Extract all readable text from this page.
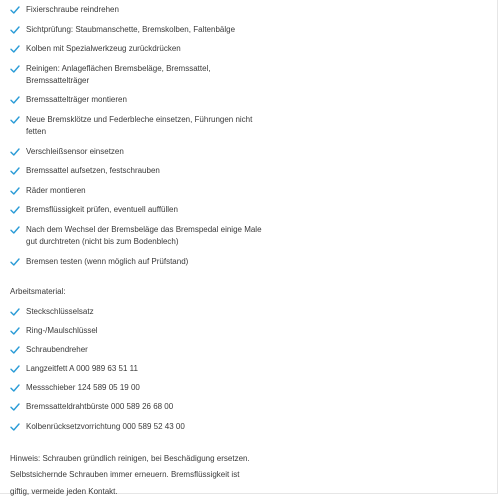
Fixierschraube reindrehen
Sichtprüfung: Staubmanschette, Bremskolben, Faltenbälge
Kolben mit Spezialwerkzeug zurückdrücken
Reinigen: Anlageflächen Bremsbeläge, Bremssattel, Bremssattelträger
Bremssattelträger montieren
Neue Bremsklötze und Federbleche einsetzen, Führungen nicht fetten
Verschleißsensor einsetzen
Bremssattel aufsetzen, festschrauben
Räder montieren
Bremsflüssigkeit prüfen, eventuell auffüllen
Nach dem Wechsel der Bremsbeläge das Bremspedal einige Male gut durchtreten (nicht bis zum Bodenblech)
Bremsen testen (wenn möglich auf Prüfstand)
Arbeitsmaterial:
Steckschlüsselsatz
Ring-/Maulschlüssel
Schraubendreher
Langzeitfett A 000 989 63 51 11
Messschieber 124 589 05 19 00
Bremssatteldrahtbürste 000 589 26 68 00
Kolbenrücksetzvorrichtung 000 589 52 43 00

Hinweis: Schrauben gründlich reinigen, bei Beschädigung ersetzen. Selbstsichernde Schrauben immer erneuern. Bremsflüssigkeit ist giftig, vermeide jeden Kontakt.
